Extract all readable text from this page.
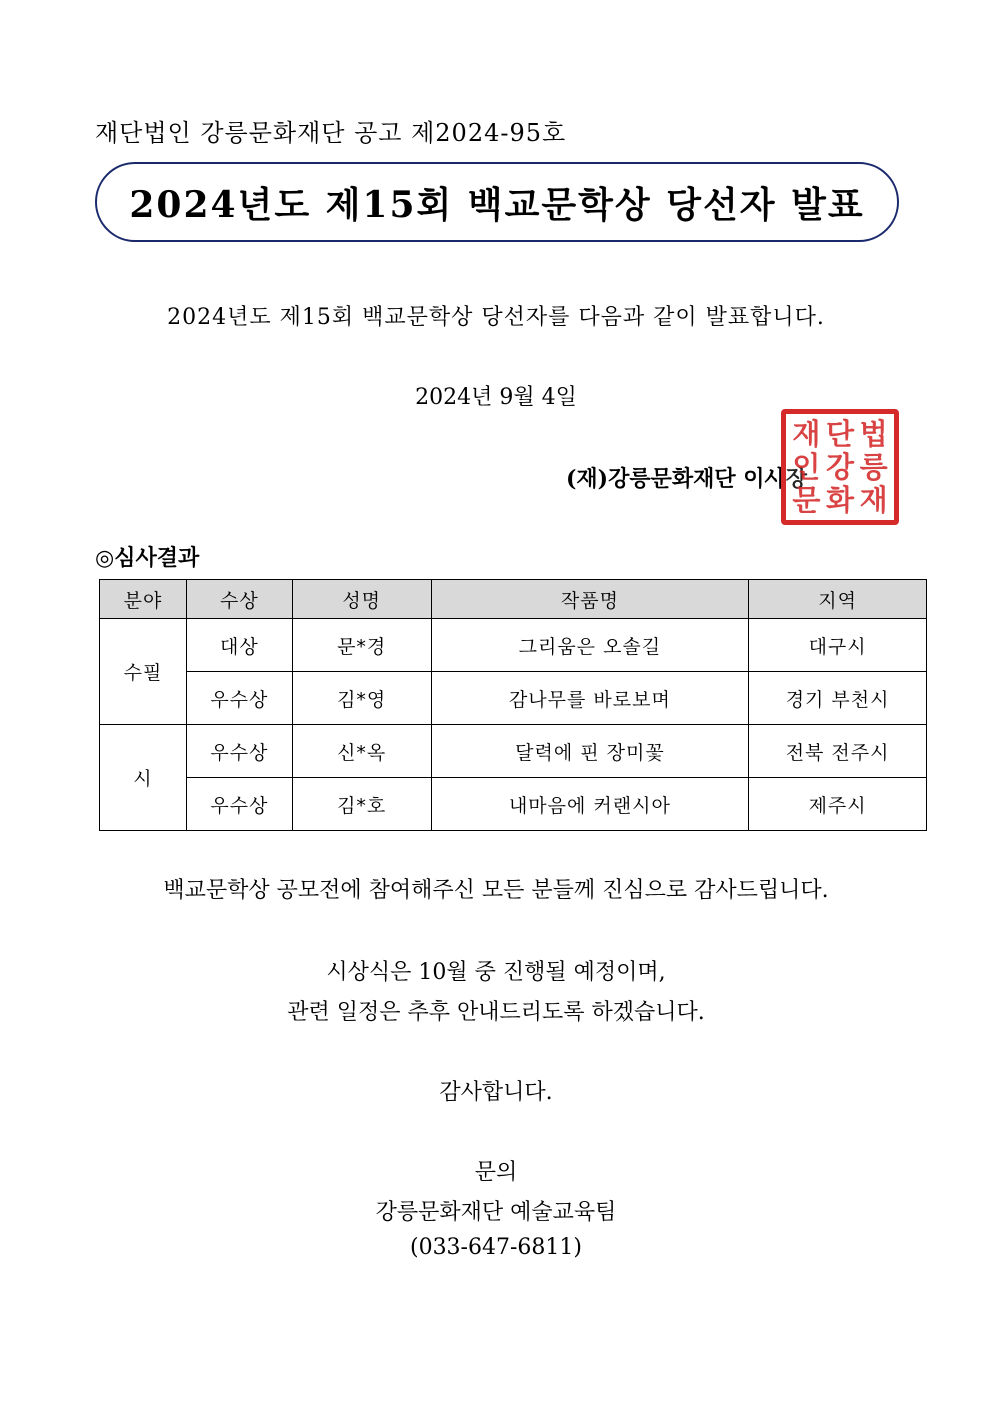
재단법인 강릉문화재단 공고 제2024-95호
2024년도 제15회 백교문학상 당선자 발표
2024년도 제15회 백교문학상 당선자를 다음과 같이 발표합니다.
2024년 9월 4일
(재)강릉문화재단 이사장
재 단 법
인 강 릉
문 화 재
◎심사결과
분야	수상	성명	작품명	지역
수필	대상	문*경	그리움은 오솔길	대구시
	우수상	김*영	감나무를 바로보며	경기 부천시
시	우수상	신*옥	달력에 핀 장미꽃	전북 전주시
	우수상	김*호	내마음에 커랜시아	제주시
백교문학상 공모전에 참여해주신 모든 분들께 진심으로 감사드립니다.
시상식은 10월 중 진행될 예정이며,
관련 일정은 추후 안내드리도록 하겠습니다.
감사합니다.
문의
강릉문화재단 예술교육팀
(033-647-6811)
